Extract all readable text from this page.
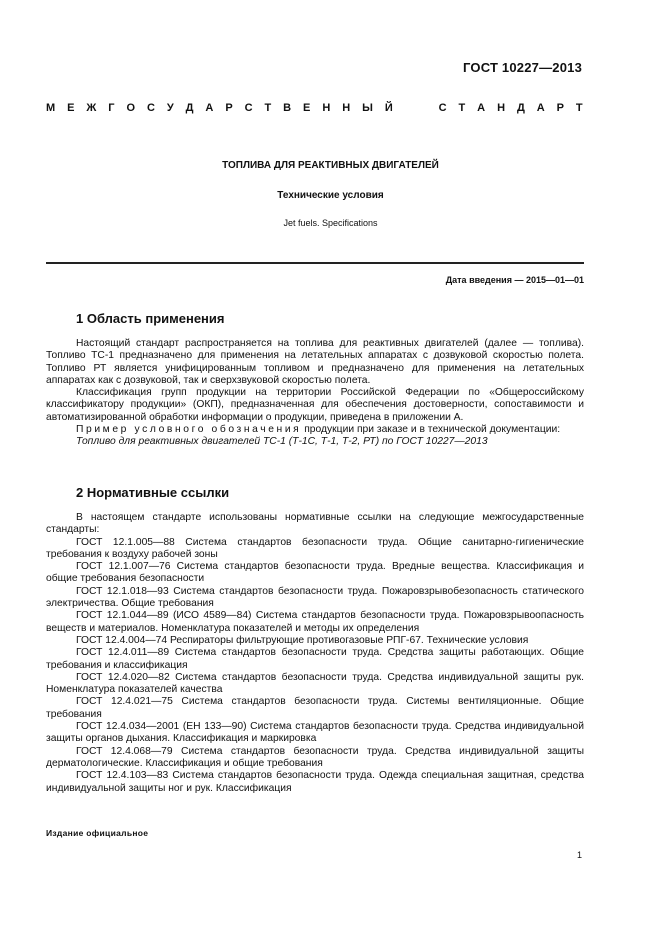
ГОСТ 10227—2013
М Е Ж Г О С У Д А Р С Т В Е Н Н Ы Й	С Т А Н Д А Р Т
ТОПЛИВА ДЛЯ РЕАКТИВНЫХ ДВИГАТЕЛЕЙ
Технические условия
Jet fuels. Specifications
Дата введения — 2015—01—01
1 Область применения

Настоящий стандарт распространяется на топлива для реактивных двигателей (далее — топлива). Топливо ТС-1 предназначено для применения на летательных аппаратах с дозвуковой скоростью полета. Топливо РТ является унифицированным топливом и предназначено для применения на летательных аппаратах как с дозвуковой, так и сверхзвуковой скоростью полета.

Классификация групп продукции на территории Российской Федерации по «Общероссийскому классификатору продукции» (ОКП), предназначенная для обеспечения достоверности, сопоставимости и автоматизированной обработки информации о продукции, приведена в приложении А.

Пример условного обозначения продукции при заказе и в технической документации:

Топливо для реактивных двигателей ТС-1 (Т-1С, Т-1, Т-2, РТ) по ГОСТ 10227—2013

2 Нормативные ссылки

В настоящем стандарте использованы нормативные ссылки на следующие межгосударственные стандарты:

ГОСТ 12.1.005—88 Система стандартов безопасности труда. Общие санитарно-гигиенические требования к воздуху рабочей зоны

ГОСТ 12.1.007—76 Система стандартов безопасности труда. Вредные вещества. Классификация и общие требования безопасности

ГОСТ 12.1.018—93 Система стандартов безопасности труда. Пожаровзрывобезопасность статического электричества. Общие требования

ГОСТ 12.1.044—89 (ИСО 4589—84) Система стандартов безопасности труда. Пожаровзрывоопасность веществ и материалов. Номенклатура показателей и методы их определения

ГОСТ 12.4.004—74 Респираторы фильтрующие противогазовые РПГ-67. Технические условия

ГОСТ 12.4.011—89 Система стандартов безопасности труда. Средства защиты работающих. Общие требования и классификация

ГОСТ 12.4.020—82 Система стандартов безопасности труда. Средства индивидуальной защиты рук. Номенклатура показателей качества

ГОСТ 12.4.021—75 Система стандартов безопасности труда. Системы вентиляционные. Общие требования

ГОСТ 12.4.034—2001 (ЕН 133—90) Система стандартов безопасности труда. Средства индивидуальной защиты органов дыхания. Классификация и маркировка

ГОСТ 12.4.068—79 Система стандартов безопасности труда. Средства индивидуальной защиты дерматологические. Классификация и общие требования

ГОСТ 12.4.103—83 Система стандартов безопасности труда. Одежда специальная защитная, средства индивидуальной защиты ног и рук. Классификация

Издание официальное
1
